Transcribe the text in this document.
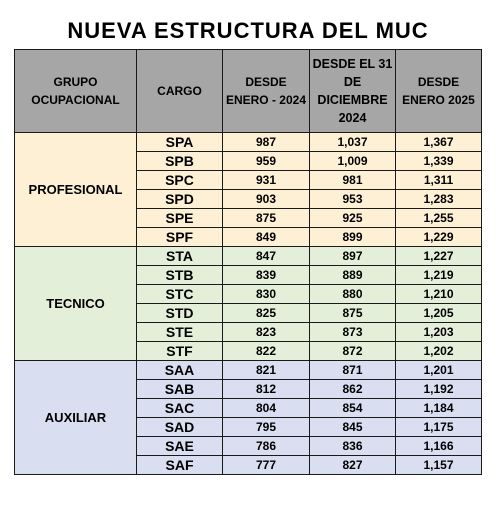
NUEVA ESTRUCTURA DEL MUC
GRUPO OCUPACIONAL	CARGO	DESDE ENERO - 2024	DESDE EL 31 DE DICIEMBRE 2024	DESDE ENERO 2025
PROFESIONAL	SPA	987	1,037	1,367
	SPB	959	1,009	1,339
	SPC	931	981	1,311
	SPD	903	953	1,283
	SPE	875	925	1,255
	SPF	849	899	1,229
TECNICO	STA	847	897	1,227
	STB	839	889	1,219
	STC	830	880	1,210
	STD	825	875	1,205
	STE	823	873	1,203
	STF	822	872	1,202
AUXILIAR	SAA	821	871	1,201
	SAB	812	862	1,192
	SAC	804	854	1,184
	SAD	795	845	1,175
	SAE	786	836	1,166
	SAF	777	827	1,157
